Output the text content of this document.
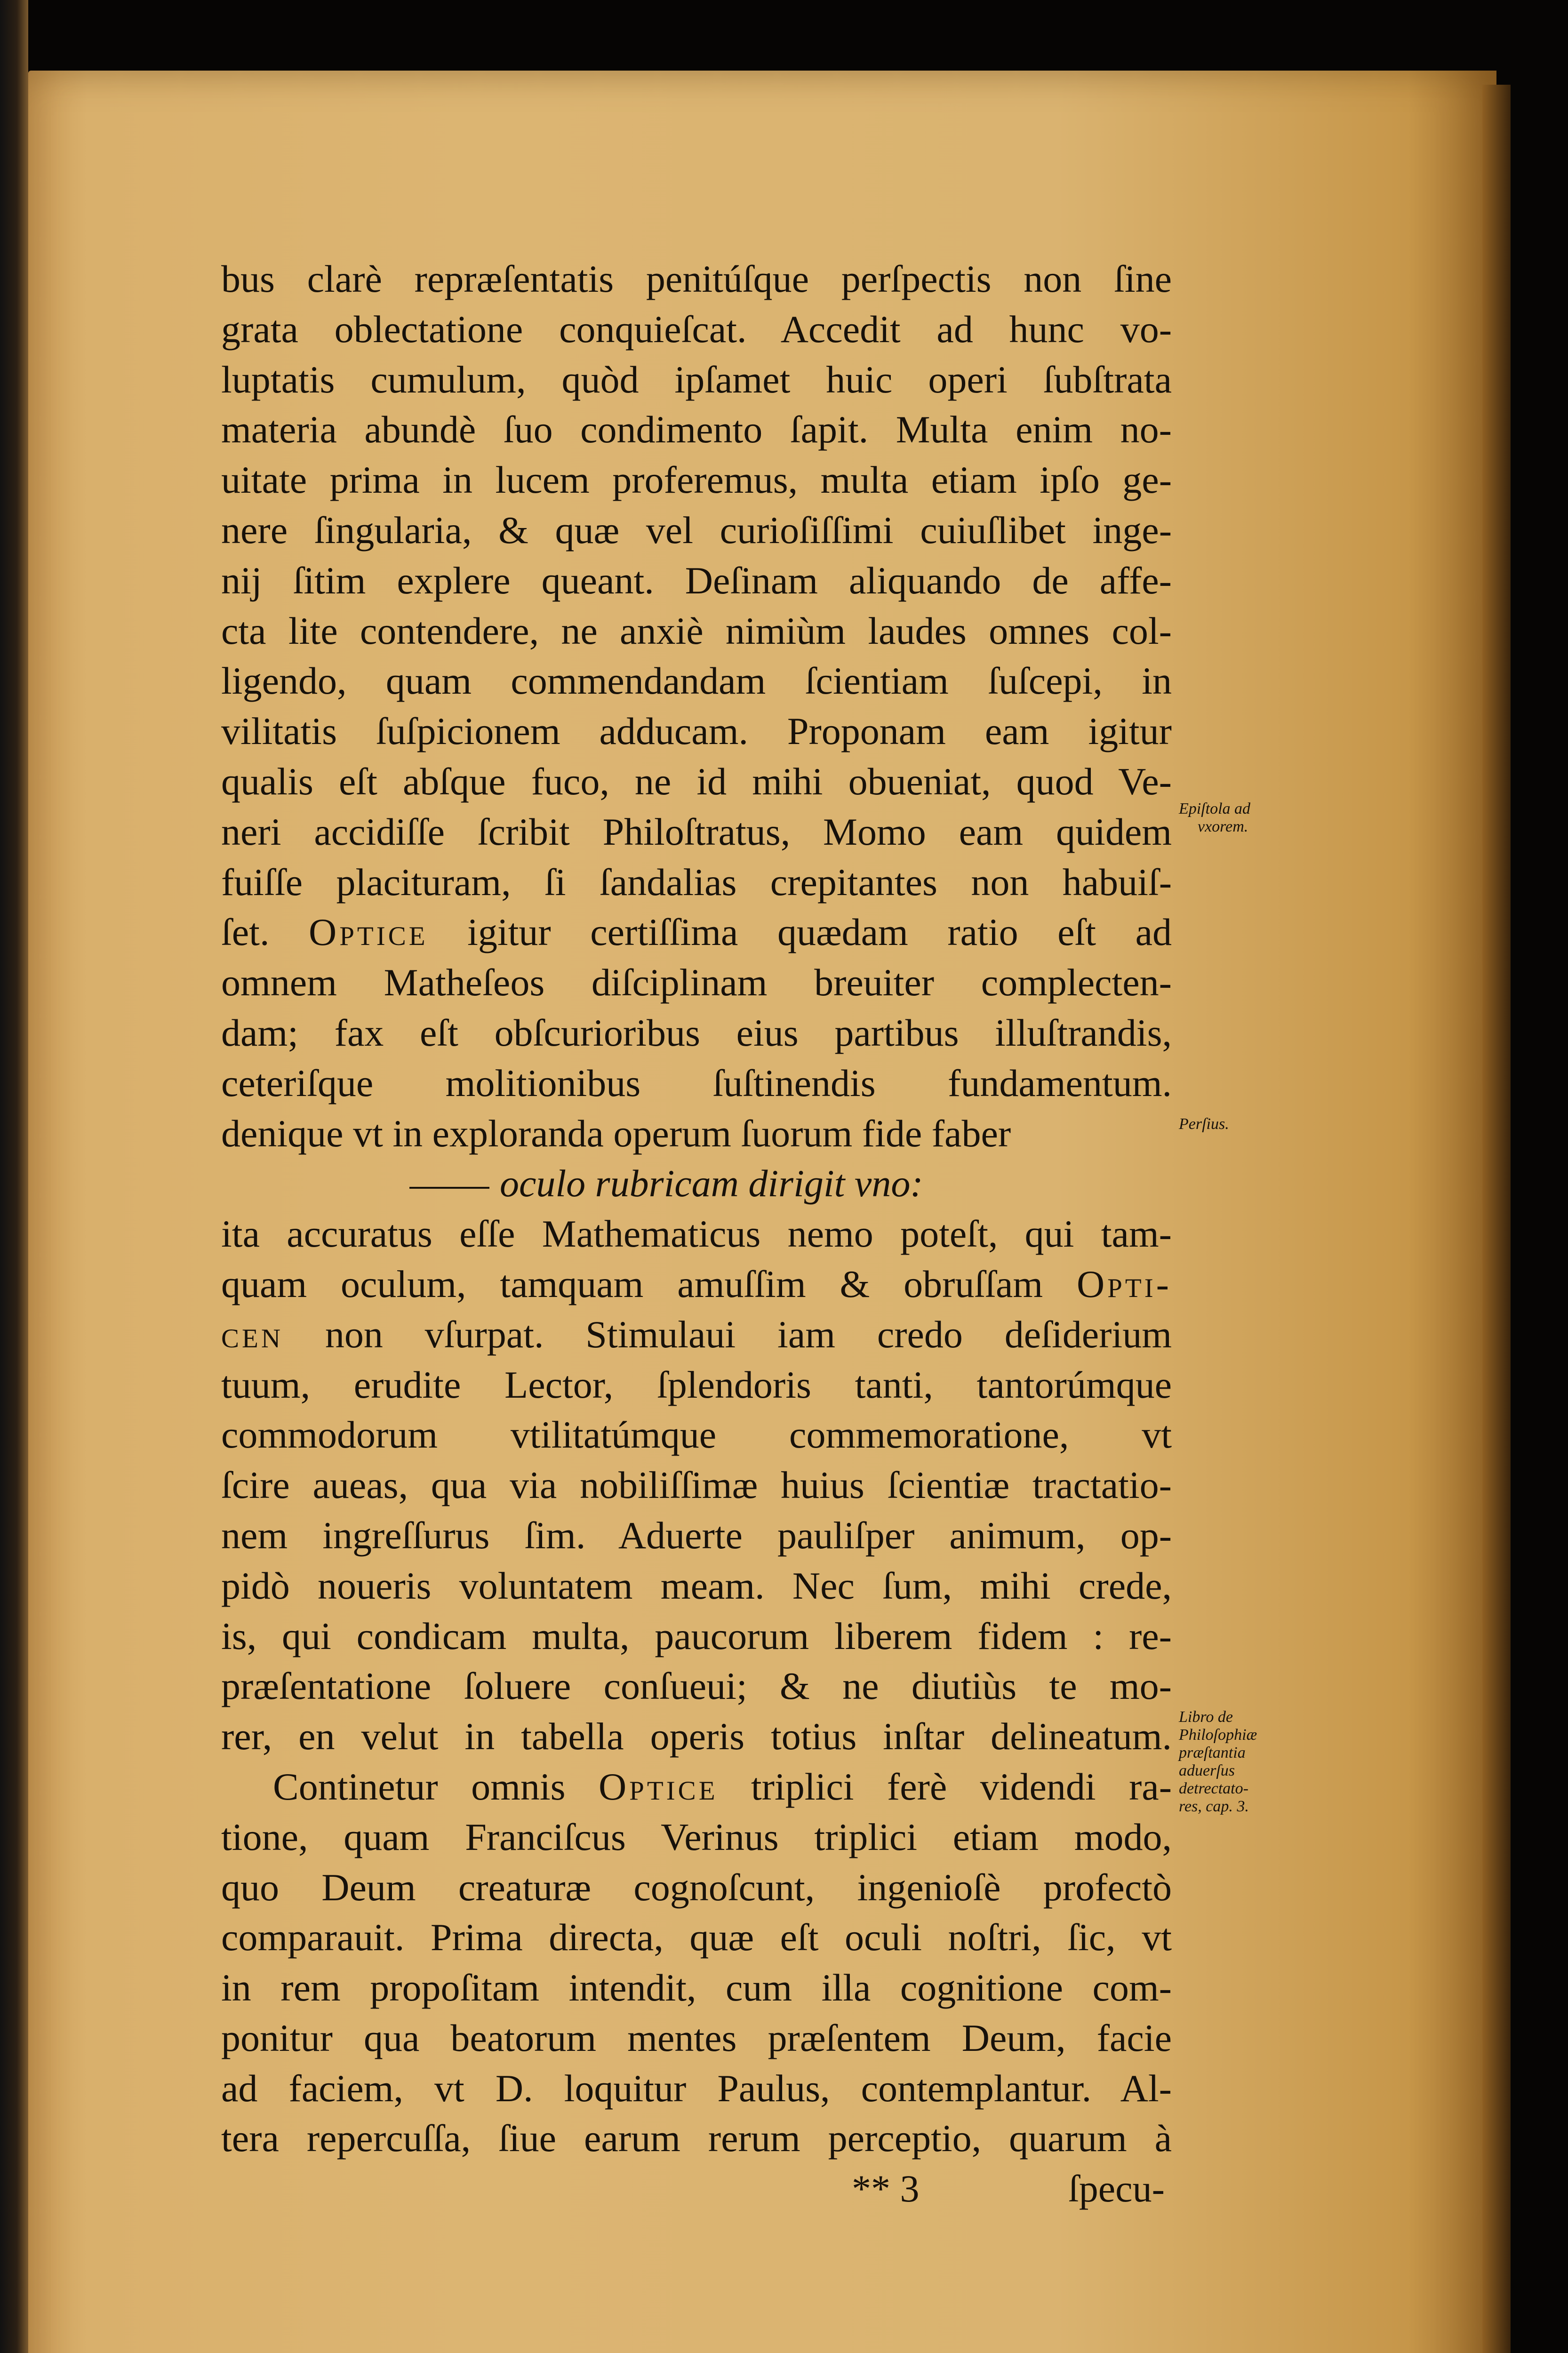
bus clarè repræſentatis penitúſque perſpectis non ſine
grata oblectatione conquieſcat. Accedit ad hunc vo-
luptatis cumulum, quòd ipſamet huic operi ſubſtrata
materia abundè ſuo condimento ſapit. Multa enim no-
uitate prima in lucem proferemus, multa etiam ipſo ge-
nere ſingularia, & quæ vel curioſiſſimi cuiuſlibet inge-
nij ſitim explere queant. Deſinam aliquando de affe-
cta lite contendere, ne anxiè nimiùm laudes omnes col-
ligendo, quam commendandam ſcientiam ſuſcepi, in
vilitatis ſuſpicionem adducam. Proponam eam igitur
qualis eſt abſque fuco, ne id mihi obueniat, quod Ve-
neri accidiſſe ſcribit Philoſtratus, Momo eam quidem
fuiſſe placituram, ſi ſandalias crepitantes non habuiſ-
ſet. Optice igitur certiſſima quædam ratio eſt ad
omnem Matheſeos diſciplinam breuiter complecten-
dam; fax eſt obſcurioribus eius partibus illuſtrandis,
ceteriſque molitionibus ſuſtinendis fundamentum.
denique vt in exploranda operum ſuorum fide faber
oculo rubricam dirigit vno:
ita accuratus eſſe Mathematicus nemo poteſt, qui tam-
quam oculum, tamquam amuſſim & obruſſam Opti-
cen non vſurpat. Stimulaui iam credo deſiderium
tuum, erudite Lector, ſplendoris tanti, tantorúmque
commodorum vtilitatúmque commemoratione, vt
ſcire aueas, qua via nobiliſſimæ huius ſcientiæ tractatio-
nem ingreſſurus ſim. Aduerte pauliſper animum, op-
pidò noueris voluntatem meam. Nec ſum, mihi crede,
is, qui condicam multa, paucorum liberem fidem : re-
præſentatione ſoluere conſueui; & ne diutiùs te mo-
rer, en velut in tabella operis totius inſtar delineatum.
Continetur omnis Optice triplici ferè videndi ra-
tione, quam Franciſcus Verinus triplici etiam modo,
quo Deum creaturæ cognoſcunt, ingenioſè profectò
comparauit. Prima directa, quæ eſt oculi noſtri, ſic, vt
in rem propoſitam intendit, cum illa cognitione com-
ponitur qua beatorum mentes præſentem Deum, facie
ad faciem, vt D. loquitur Paulus, contemplantur. Al-
tera repercuſſa, ſiue earum rerum perceptio, quarum à
** 3	ſpecu-
Epiſtola ad
vxorem.
Perſius.
Libro de
Philoſophiæ
præſtantia
aduerſus
detrectato-
res, cap. 3.
